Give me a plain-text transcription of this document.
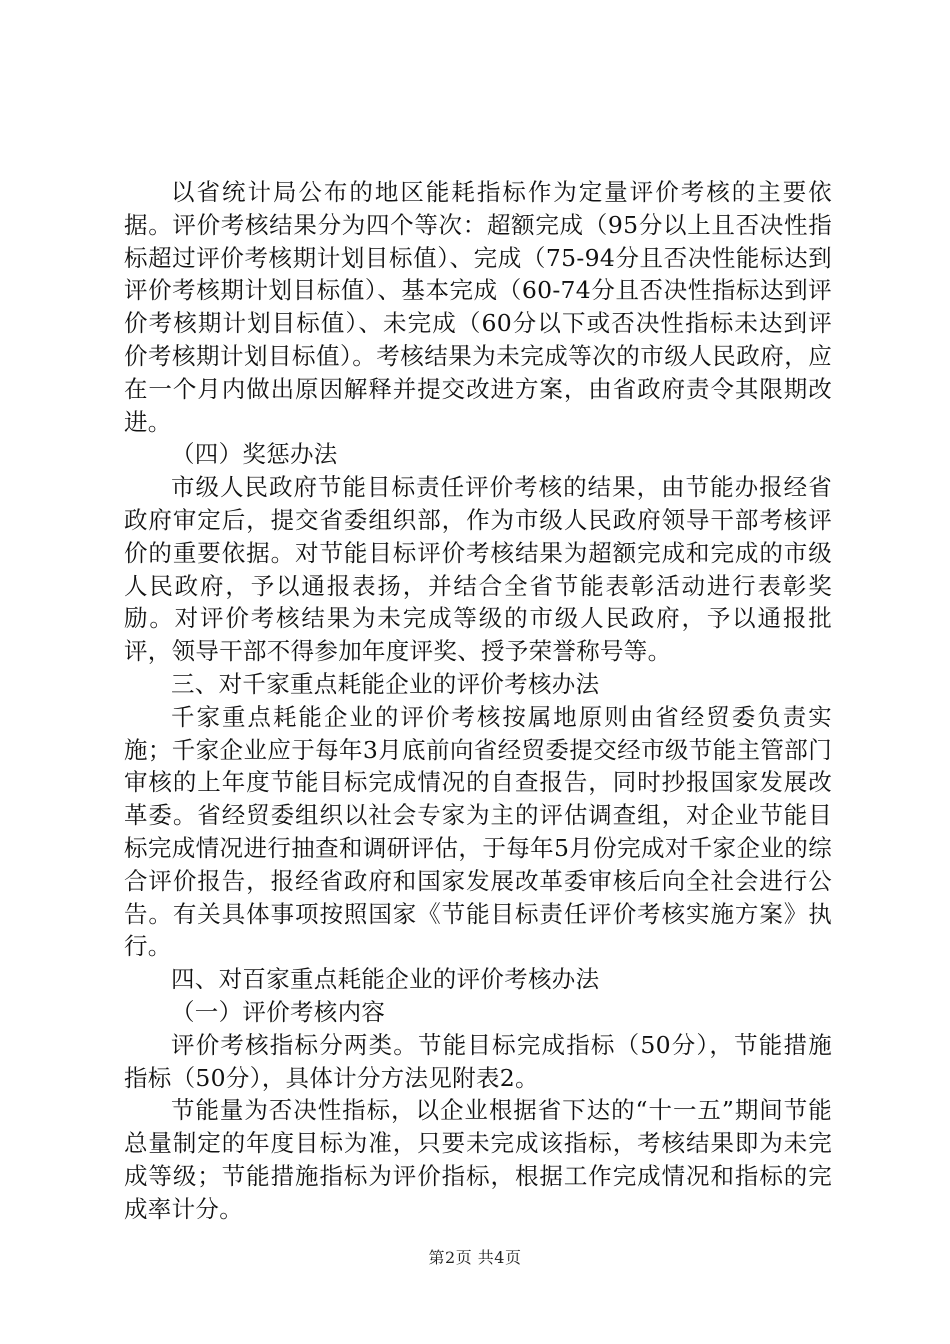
以省统计局公布的地区能耗指标作为定量评价考核的主要依据。评价考核结果分为四个等次：超额完成（95分以上且否决性指标超过评价考核期计划目标值）、完成（75-94分且否决性能标达到评价考核期计划目标值）、基本完成（60-74分且否决性指标达到评价考核期计划目标值）、未完成（60分以下或否决性指标未达到评价考核期计划目标值）。考核结果为未完成等次的市级人民政府，应在一个月内做出原因解释并提交改进方案，由省政府责令其限期改进。

（四）奖惩办法

市级人民政府节能目标责任评价考核的结果，由节能办报经省政府审定后，提交省委组织部，作为市级人民政府领导干部考核评价的重要依据。对节能目标评价考核结果为超额完成和完成的市级人民政府，予以通报表扬，并结合全省节能表彰活动进行表彰奖励。对评价考核结果为未完成等级的市级人民政府，予以通报批评，领导干部不得参加年度评奖、授予荣誉称号等。

三、对千家重点耗能企业的评价考核办法

千家重点耗能企业的评价考核按属地原则由省经贸委负责实施；千家企业应于每年3月底前向省经贸委提交经市级节能主管部门审核的上年度节能目标完成情况的自查报告，同时抄报国家发展改革委。省经贸委组织以社会专家为主的评估调查组，对企业节能目标完成情况进行抽查和调研评估，于每年5月份完成对千家企业的综合评价报告，报经省政府和国家发展改革委审核后向全社会进行公告。有关具体事项按照国家《节能目标责任评价考核实施方案》执行。

四、对百家重点耗能企业的评价考核办法

（一）评价考核内容

评价考核指标分两类。节能目标完成指标（50分），节能措施指标（50分），具体计分方法见附表2。

节能量为否决性指标，以企业根据省下达的“十一五”期间节能总量制定的年度目标为准，只要未完成该指标，考核结果即为未完成等级；节能措施指标为评价指标，根据工作完成情况和指标的完成率计分。

第2页 共4页
